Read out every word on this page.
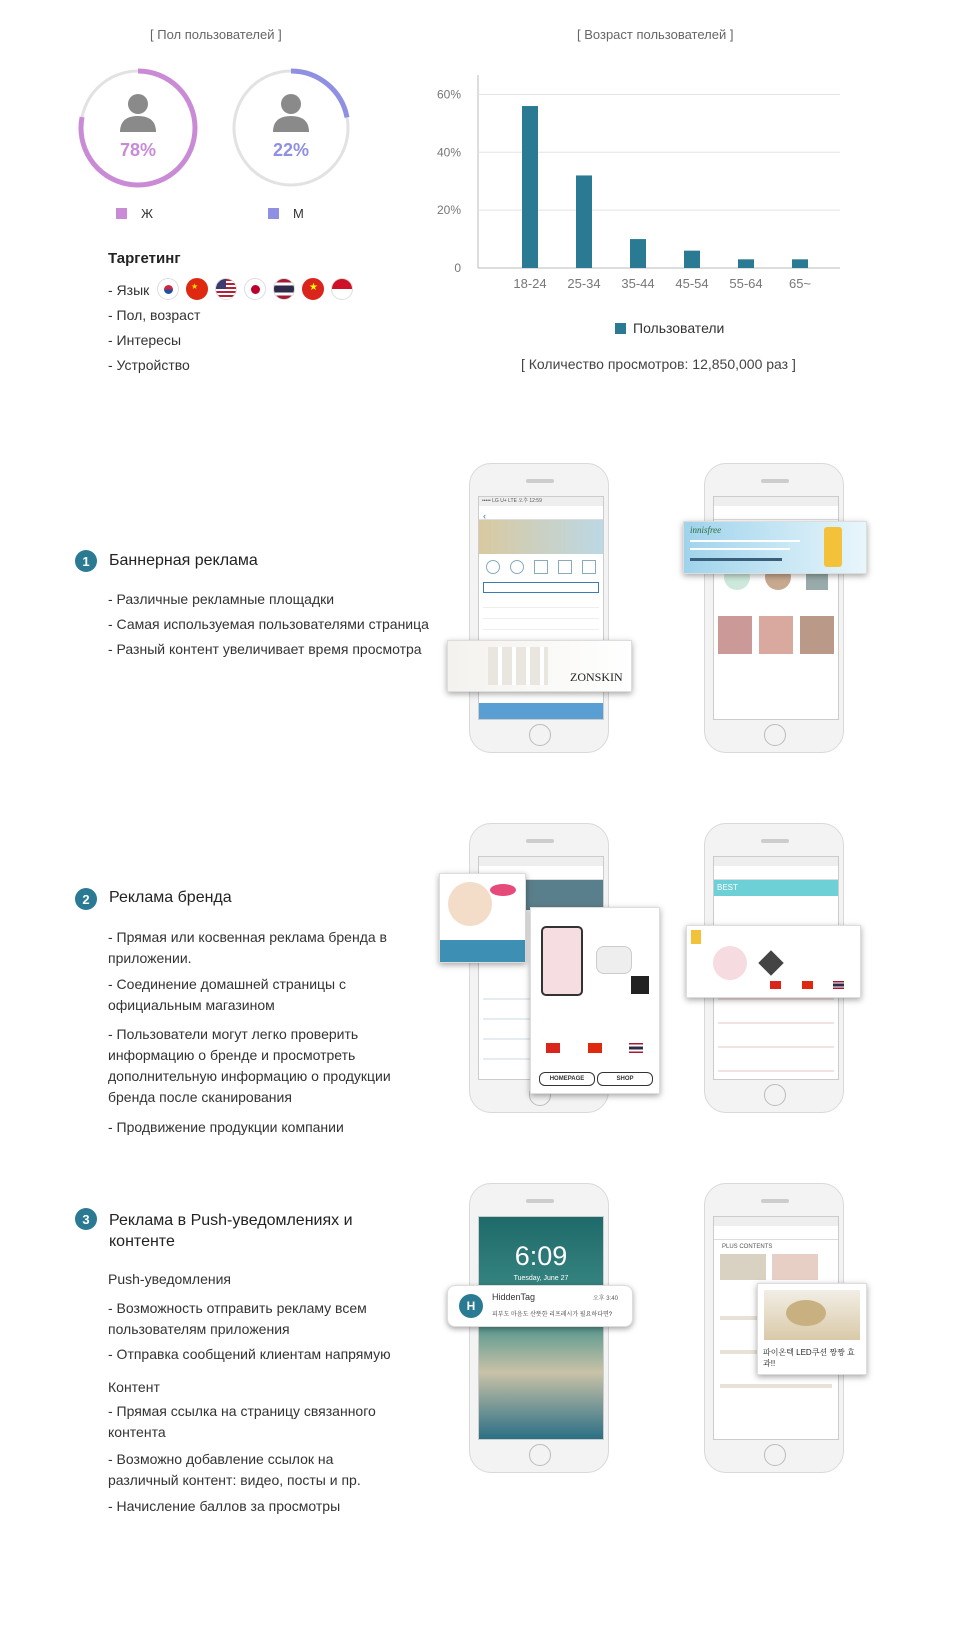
[ Пол пользователей ]
78%	22%
Ж	М
Таргетинг
- Язык	★	★
- Пол, возраст
- Интересы
- Устройство
[ Возраст пользователей ]
0
20%
40%
60%
18-24 25-34 35-44 45-54 55-64 65~
Пользователи
[ Количество просмотров: 12,850,000 раз ]
1	Баннерная реклама
- Различные рекламные площадки
- Самая используемая пользователями страница
- Разный контент увеличивает время просмотра
••••• LG U+ LTE 오후 12:59
‹
ZONSKIN
innisfree
2	Реклама бренда
- Прямая или косвенная реклама бренда в приложении.
- Соединение домашней страницы с официальным магазином
- Пользователи могут легко проверить информацию о бренде и просмотреть дополнительную информацию о продукции бренда после сканирования
- Продвижение продукции компании
HOMEPAGE	SHOP
BEST
3	Реклама в Push-уведомлениях и контенте
Push-уведомления
- Возможность отправить рекламу всем пользователям приложения
- Отправка сообщений клиентам напрямую
Контент
- Прямая ссылка на страницу связанного контента
- Возможно добавление ссылок на различный контент: видео, посты и пр.
- Начисление баллов за просмотры
6:09
Tuesday, June 27
H
HiddenTag	오후 3:40
피부도 마음도 산뜻한 리프레시가 필요하다면?
PLUS CONTENTS
파이온텍 LED쿠션 짱짱 효과!!
